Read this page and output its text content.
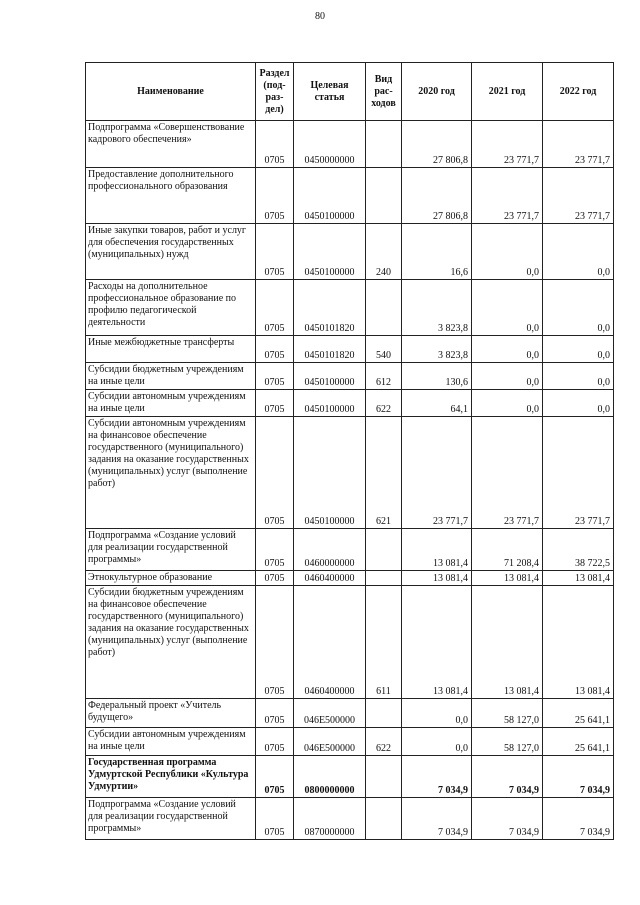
80
Наименование	Раздел (под-раз-дел)	Целевая статья	Вид рас-ходов	2020 год	2021 год	2022 год
Подпрограмма «Совершенствование кадрового обеспечения»	0705	0450000000		27 806,8	23 771,7	23 771,7
Предоставление дополнительного профессионального образования	0705	0450100000		27 806,8	23 771,7	23 771,7
Иные закупки товаров, работ и услуг для обеспечения государственных (муниципальных) нужд	0705	0450100000	240	16,6	0,0	0,0
Расходы на дополнительное профессиональное образование по профилю педагогической деятельности	0705	0450101820		3 823,8	0,0	0,0
Иные межбюджетные трансферты	0705	0450101820	540	3 823,8	0,0	0,0
Субсидии бюджетным учреждениям на иные цели	0705	0450100000	612	130,6	0,0	0,0
Субсидии автономным учреждениям на иные цели	0705	0450100000	622	64,1	0,0	0,0
Субсидии автономным учреждениям на финансовое обеспечение государственного (муниципального) задания на оказание государственных (муниципальных) услуг (выполнение работ)	0705	0450100000	621	23 771,7	23 771,7	23 771,7
Подпрограмма «Создание условий для реализации государственной программы»	0705	0460000000		13 081,4	71 208,4	38 722,5
Этнокультурное образование	0705	0460400000		13 081,4	13 081,4	13 081,4
Субсидии бюджетным учреждениям на финансовое обеспечение государственного (муниципального) задания на оказание государственных (муниципальных) услуг (выполнение работ)	0705	0460400000	611	13 081,4	13 081,4	13 081,4
Федеральный проект «Учитель будущего»	0705	046E500000		0,0	58 127,0	25 641,1
Субсидии автономным учреждениям на иные цели	0705	046E500000	622	0,0	58 127,0	25 641,1
Государственная программа Удмуртской Республики «Культура Удмуртии»	0705	0800000000		7 034,9	7 034,9	7 034,9
Подпрограмма «Создание условий для реализации государственной программы»	0705	0870000000		7 034,9	7 034,9	7 034,9
